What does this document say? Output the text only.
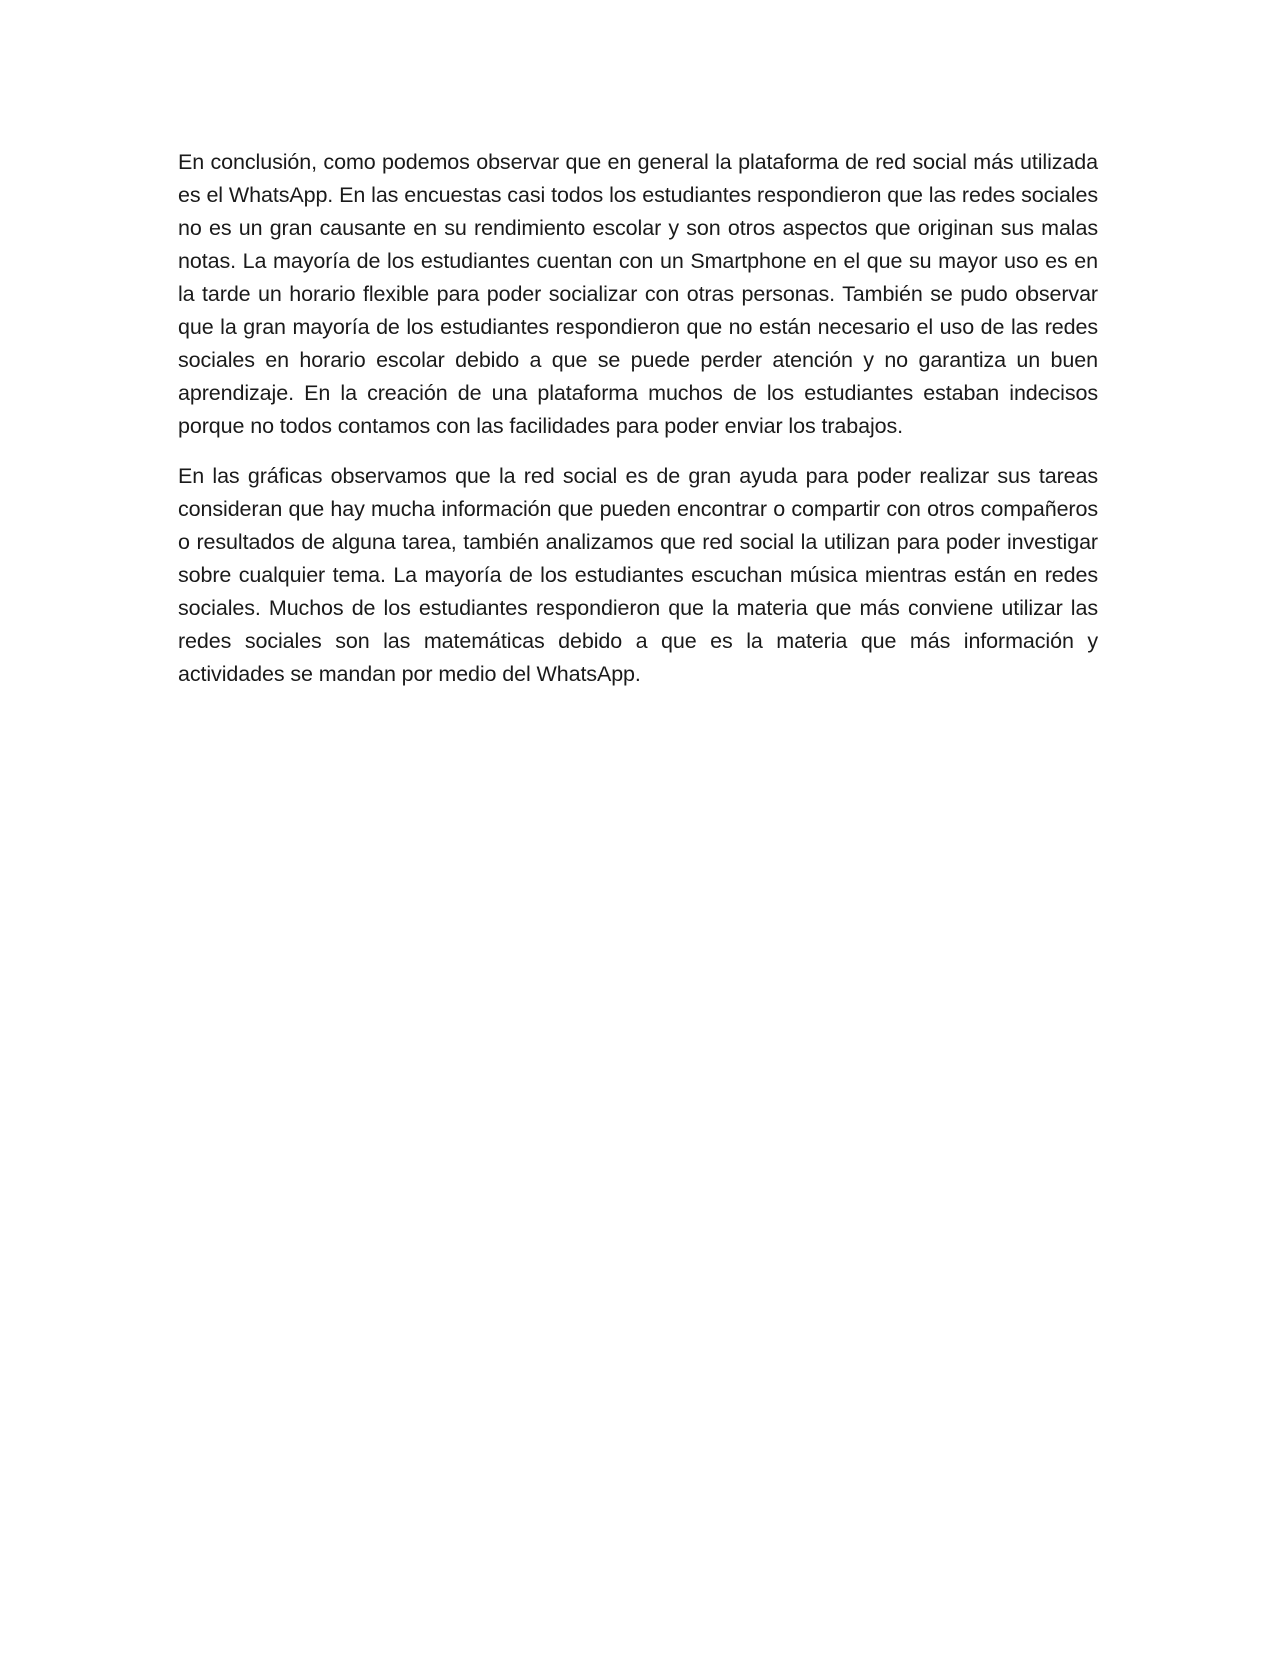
En conclusión, como podemos observar que en general la plataforma de red social más utilizada es el WhatsApp. En las encuestas casi todos los estudiantes respondieron que las redes sociales no es un gran causante en su rendimiento escolar y son otros aspectos que originan sus malas notas. La mayoría de los estudiantes cuentan con un Smartphone en el que su mayor uso es en la tarde un horario flexible para poder socializar con otras personas. También se pudo observar que la gran mayoría de los estudiantes respondieron que no están necesario el uso de las redes sociales en horario escolar debido a que se puede perder atención y no garantiza un buen aprendizaje. En la creación de una plataforma muchos de los estudiantes estaban indecisos porque no todos contamos con las facilidades para poder enviar los trabajos.

En las gráficas observamos que la red social es de gran ayuda para poder realizar sus tareas consideran que hay mucha información que pueden encontrar o compartir con otros compañeros o resultados de alguna tarea, también analizamos que red social la utilizan para poder investigar sobre cualquier tema. La mayoría de los estudiantes escuchan música mientras están en redes sociales. Muchos de los estudiantes respondieron que la materia que más conviene utilizar las redes sociales son las matemáticas debido a que es la materia que más información y actividades se mandan por medio del WhatsApp.
